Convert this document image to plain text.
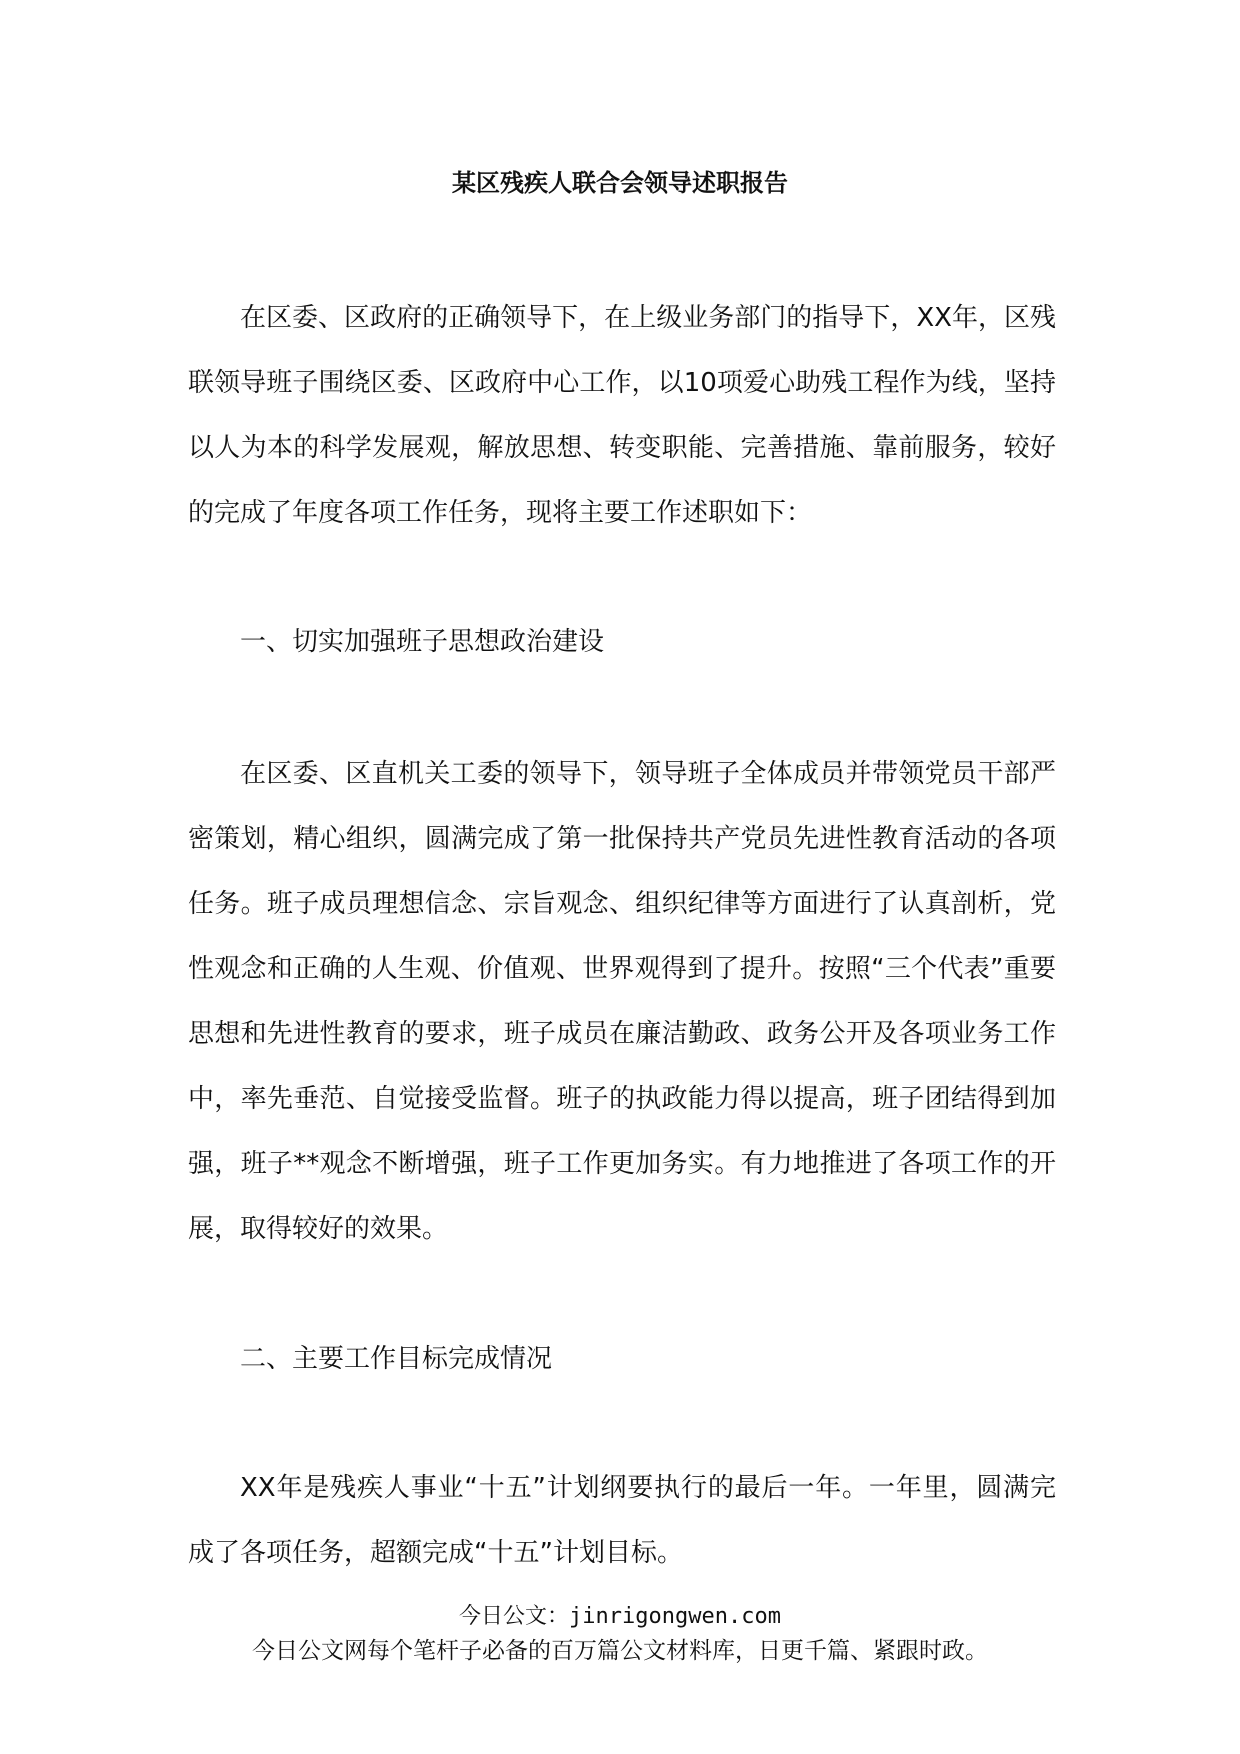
某区残疾人联合会领导述职报告

在区委、区政府的正确领导下，在上级业务部门的指导下，XX年，区残联领导班子围绕区委、区政府中心工作，以10项爱心助残工程作为线，坚持以人为本的科学发展观，解放思想、转变职能、完善措施、靠前服务，较好的完成了年度各项工作任务，现将主要工作述职如下：

一、切实加强班子思想政治建设

在区委、区直机关工委的领导下，领导班子全体成员并带领党员干部严密策划，精心组织，圆满完成了第一批保持共产党员先进性教育活动的各项任务。班子成员理想信念、宗旨观念、组织纪律等方面进行了认真剖析，党性观念和正确的人生观、价值观、世界观得到了提升。按照“三个代表”重要思想和先进性教育的要求，班子成员在廉洁勤政、政务公开及各项业务工作中，率先垂范、自觉接受监督。班子的执政能力得以提高，班子团结得到加强，班子**观念不断增强，班子工作更加务实。有力地推进了各项工作的开展，取得较好的效果。

二、主要工作目标完成情况

XX年是残疾人事业“十五”计划纲要执行的最后一年。一年里，圆满完成了各项任务，超额完成“十五”计划目标。

今日公文：jinrigongwen.com
今日公文网每个笔杆子必备的百万篇公文材料库，日更千篇、紧跟时政。
